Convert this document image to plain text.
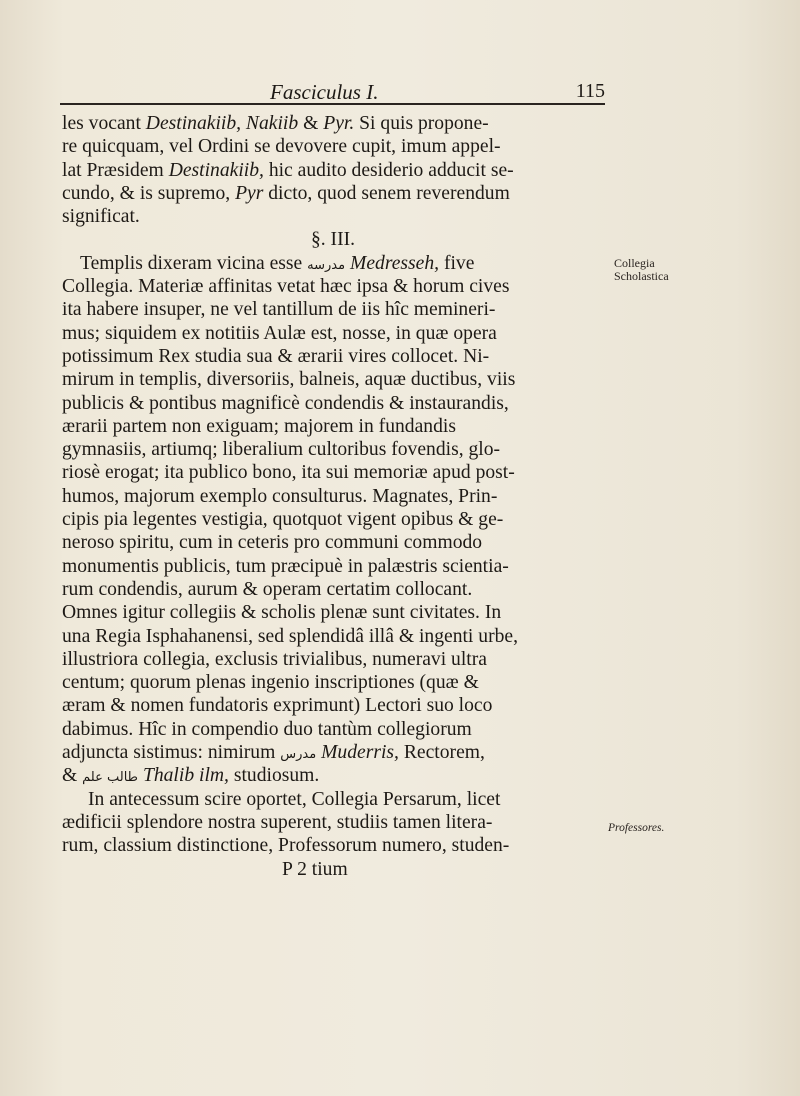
Fasciculus I.	115
les vocant Destinakiib, Nakiib & Pyr. Si quis propone-
re quicquam, vel Ordini se devovere cupit, imum appel-
lat Præsidem Destinakiib, hic audito desiderio adducit se-
cundo, & is supremo, Pyr dicto, quod senem reverendum
significat.
§. III.
Templis dixeram vicina esse مدرسه Medresseh, five
Collegia. Materiæ affinitas vetat hæc ipsa & horum cives
ita habere insuper, ne vel tantillum de iis hîc memineri-
mus; siquidem ex notitiis Aulæ est, nosse, in quæ opera
potissimum Rex studia sua & ærarii vires collocet. Ni-
mirum in templis, diversoriis, balneis, aquæ ductibus, viis
publicis & pontibus magnificè condendis & instaurandis,
ærarii partem non exiguam; majorem in fundandis
gymnasiis, artiumq; liberalium cultoribus fovendis, glo-
riosè erogat; ita publico bono, ita sui memoriæ apud post-
humos, majorum exemplo consulturus. Magnates, Prin-
cipis pia legentes vestigia, quotquot vigent opibus & ge-
neroso spiritu, cum in ceteris pro communi commodo
monumentis publicis, tum præcipuè in palæstris scientia-
rum condendis, aurum & operam certatim collocant.
Omnes igitur collegiis & scholis plenæ sunt civitates. In
una Regia Isphahanensi, sed splendidâ illâ & ingenti urbe,
illustriora collegia, exclusis trivialibus, numeravi ultra
centum; quorum plenas ingenio inscriptiones (quæ &
æram & nomen fundatoris exprimunt) Lectori suo loco
dabimus. Hîc in compendio duo tantùm collegiorum
adjuncta sistimus: nimirum مدرس Muderris, Rectorem,
& طالب علم Thalib ilm, studiosum.
In antecessum scire oportet, Collegia Persarum, licet
ædificii splendore nostra superent, studiis tamen litera-
rum, classium distinctione, Professorum numero, studen-
P 2 tium
Collegia
Scholastica
Professores.
